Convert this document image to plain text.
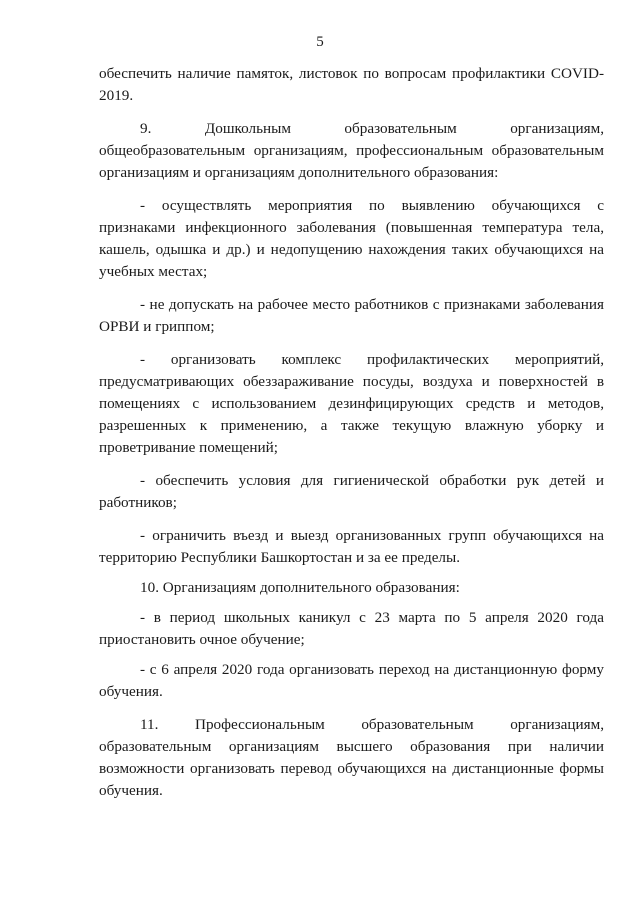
5

обеспечить наличие памяток, листовок по вопросам профилактики COVID-2019.

9. Дошкольным образовательным организациям, общеобразовательным организациям, профессиональным образовательным организациям и организациям дополнительного образования:

- осуществлять мероприятия по выявлению обучающихся с признаками инфекционного заболевания (повышенная температура тела, кашель, одышка и др.) и недопущению нахождения таких обучающихся на учебных местах;

- не допускать на рабочее место работников с признаками заболевания ОРВИ и гриппом;

- организовать комплекс профилактических мероприятий, предусматривающих обеззараживание посуды, воздуха и поверхностей в помещениях с использованием дезинфицирующих средств и методов, разрешенных к применению, а также текущую влажную уборку и проветривание помещений;

- обеспечить условия для гигиенической обработки рук детей и работников;

- ограничить въезд и выезд организованных групп обучающихся на территорию Республики Башкортостан и за ее пределы.

10. Организациям дополнительного образования:

- в период школьных каникул с 23 марта по 5 апреля 2020 года приостановить очное обучение;

- с 6 апреля 2020 года организовать переход на дистанционную форму обучения.

11. Профессиональным образовательным организациям, образовательным организациям высшего образования при наличии возможности организовать перевод обучающихся на дистанционные формы обучения.
